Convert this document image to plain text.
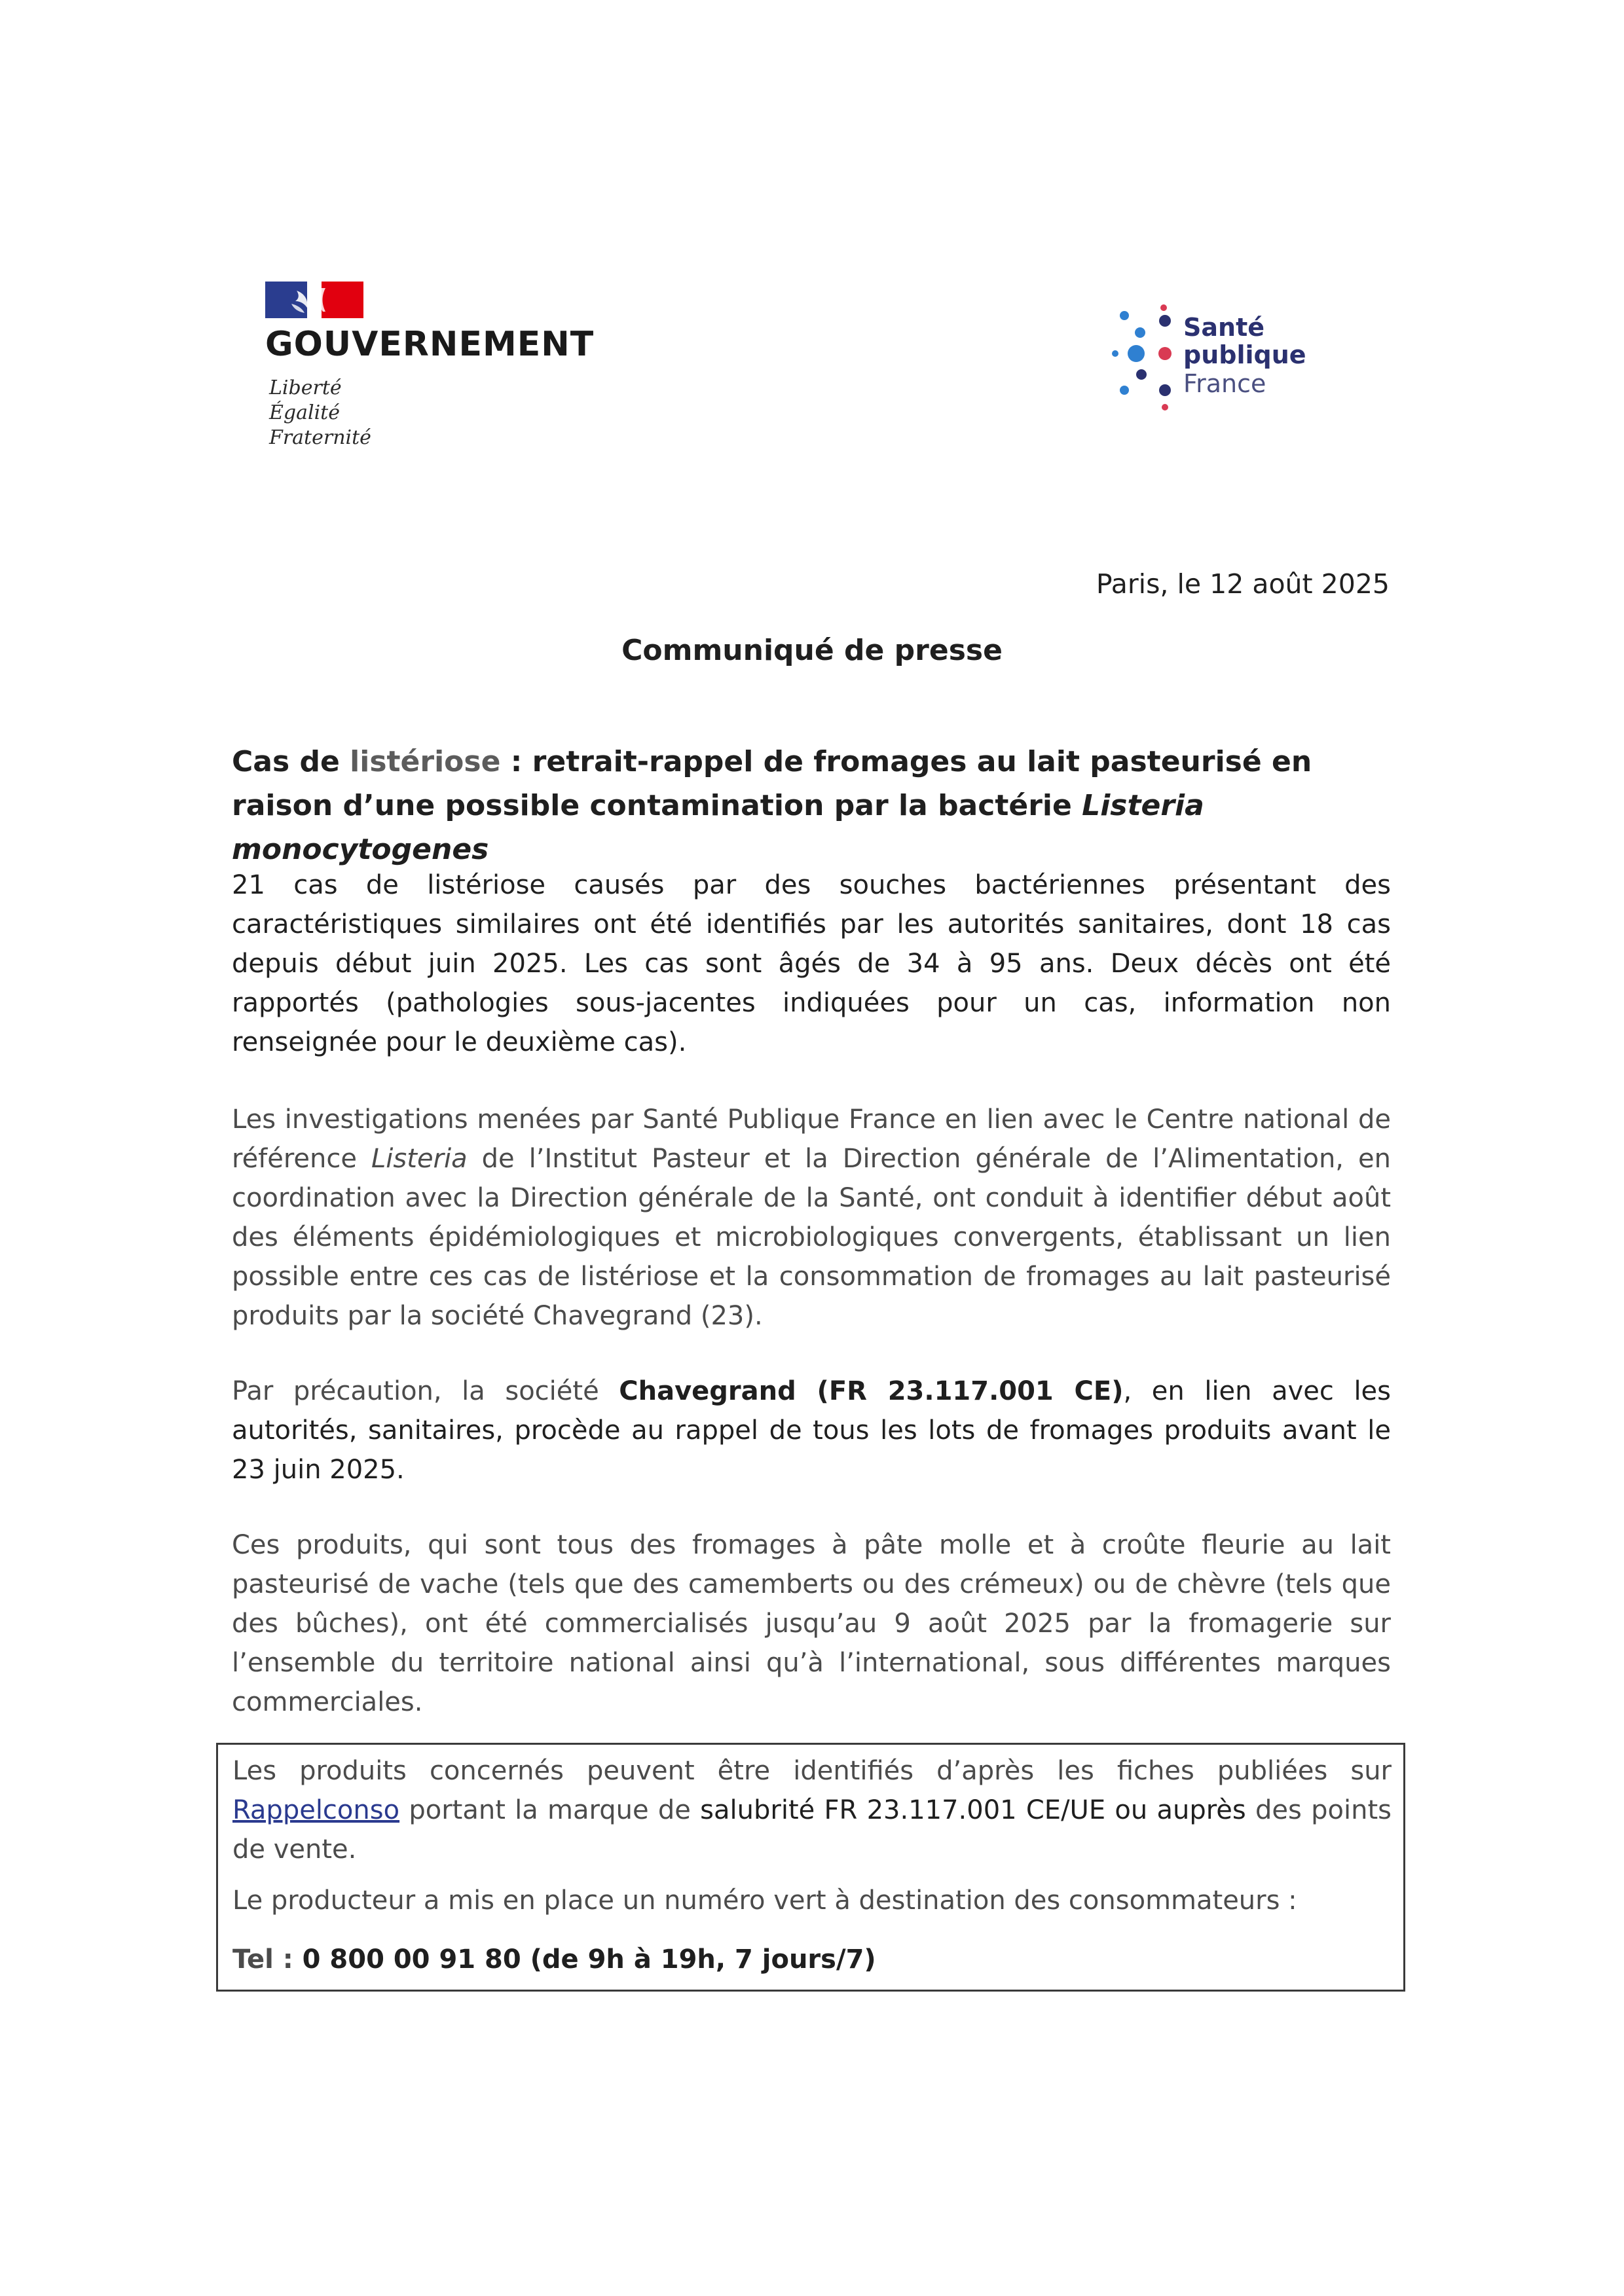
GOUVERNEMENT
Liberté
Égalité
Fraternité
Santé
publique
France
Paris, le 12 août 2025
Communiqué de presse
Cas de listériose : retrait-rappel de fromages au lait pasteurisé en raison d’une possible contamination par la bactérie Listeria monocytogenes
21 cas de listériose causés par des souches bactériennes présentant des caractéristiques similaires ont été identifiés par les autorités sanitaires, dont 18 cas depuis début juin 2025. Les cas sont âgés de 34 à 95 ans. Deux décès ont été rapportés (pathologies sous-jacentes indiquées pour un cas, information non renseignée pour le deuxième cas).
Les investigations menées par Santé Publique France en lien avec le Centre national de référence Listeria de l’Institut Pasteur et la Direction générale de l’Alimentation, en coordination avec la Direction générale de la Santé, ont conduit à identifier début août des éléments épidémiologiques et microbiologiques convergents, établissant un lien possible entre ces cas de listériose et la consommation de fromages au lait pasteurisé produits par la société Chavegrand (23).
Par précaution, la société Chavegrand (FR 23.117.001 CE), en lien avec les autorités, sanitaires, procède au rappel de tous les lots de fromages produits avant le 23 juin 2025.
Ces produits, qui sont tous des fromages à pâte molle et à croûte fleurie au lait pasteurisé de vache (tels que des camemberts ou des crémeux) ou de chèvre (tels que des bûches), ont été commercialisés jusqu’au 9 août 2025 par la fromagerie sur l’ensemble du territoire national ainsi qu’à l’international, sous différentes marques commerciales.
Les produits concernés peuvent être identifiés d’après les fiches publiées sur Rappelconso portant la marque de salubrité FR 23.117.001 CE/UE ou auprès des points de vente.
Le producteur a mis en place un numéro vert à destination des consommateurs :
Tel : 0 800 00 91 80 (de 9h à 19h, 7 jours/7)
